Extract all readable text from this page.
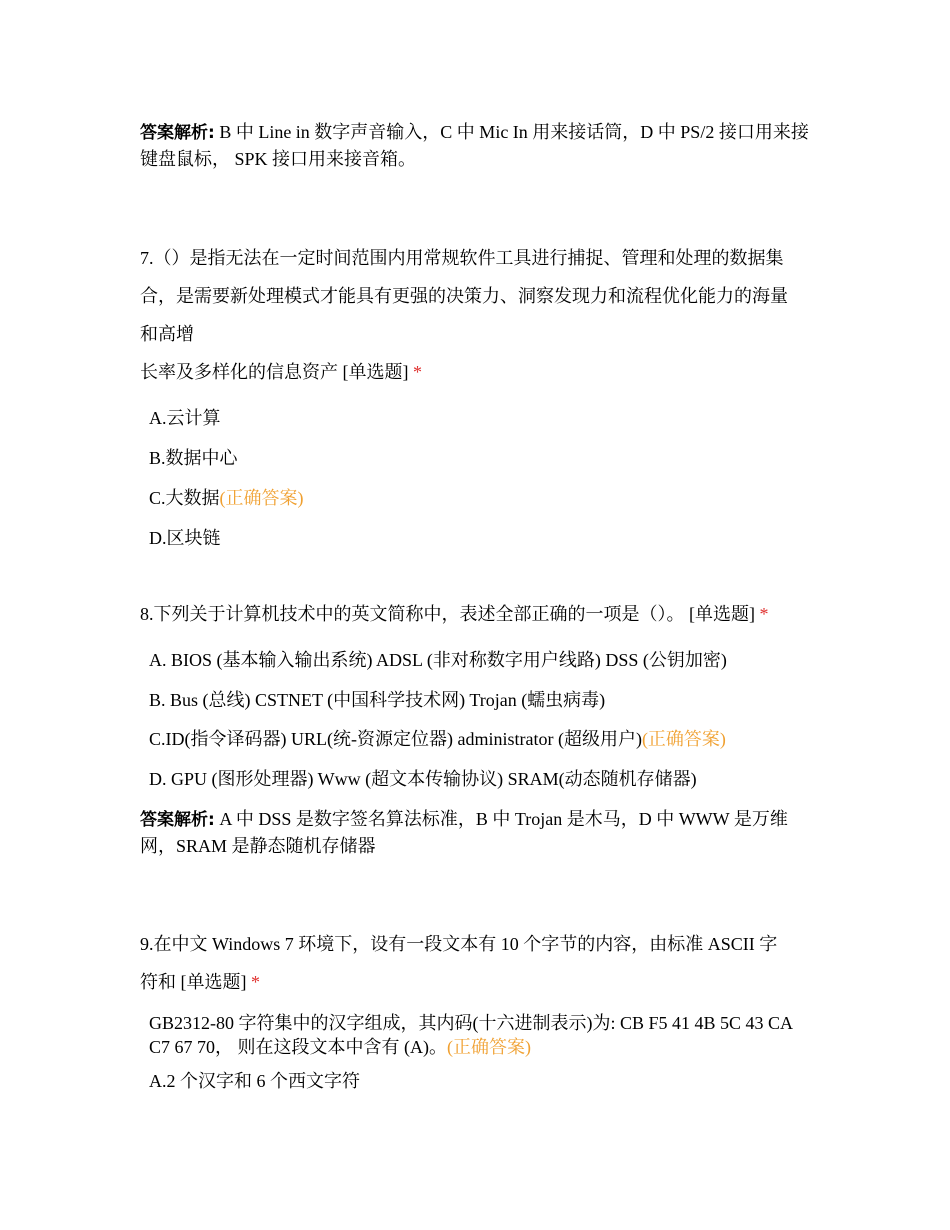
答案解析: B 中 Line in 数字声音输入，C 中 Mic In 用来接话筒，D 中 PS/2 接口用来接键盘鼠标， SPK 接口用来接音箱。

7.（）是指无法在一定时间范围内用常规软件工具进行捕捉、管理和处理的数据集

合，是需要新处理模式才能具有更强的决策力、洞察发现力和流程优化能力的海量

和高增

长率及多样化的信息资产 [单选题] *

A.云计算
B.数据中心
C.大数据(正确答案)
D.区块链
8.下列关于计算机技术中的英文简称中，表述全部正确的一项是（）。 [单选题] *
A. BIOS (基本输入输出系统) ADSL (非对称数字用户线路) DSS (公钥加密)
B. Bus (总线) CSTNET (中国科学技术网) Trojan (蠕虫病毒)
C.ID(指令译码器) URL(统-资源定位器) administrator (超级用户)(正确答案)
D. GPU (图形处理器) Www (超文本传输协议) SRAM(动态随机存储器)
答案解析: A 中 DSS 是数字签名算法标准，B 中 Trojan 是木马，D 中 WWW 是万维网，SRAM 是静态随机存储器

9.在中文 Windows 7 环境下，设有一段文本有 10 个字节的内容，由标准 ASCII 字

符和 [单选题] *

GB2312-80 字符集中的汉字组成，其内码(十六进制表示)为: CB F5 41 4B 5C 43 CA C7 67 70， 则在这段文本中含有 (A)。(正确答案)
A.2 个汉字和 6 个西文字符
